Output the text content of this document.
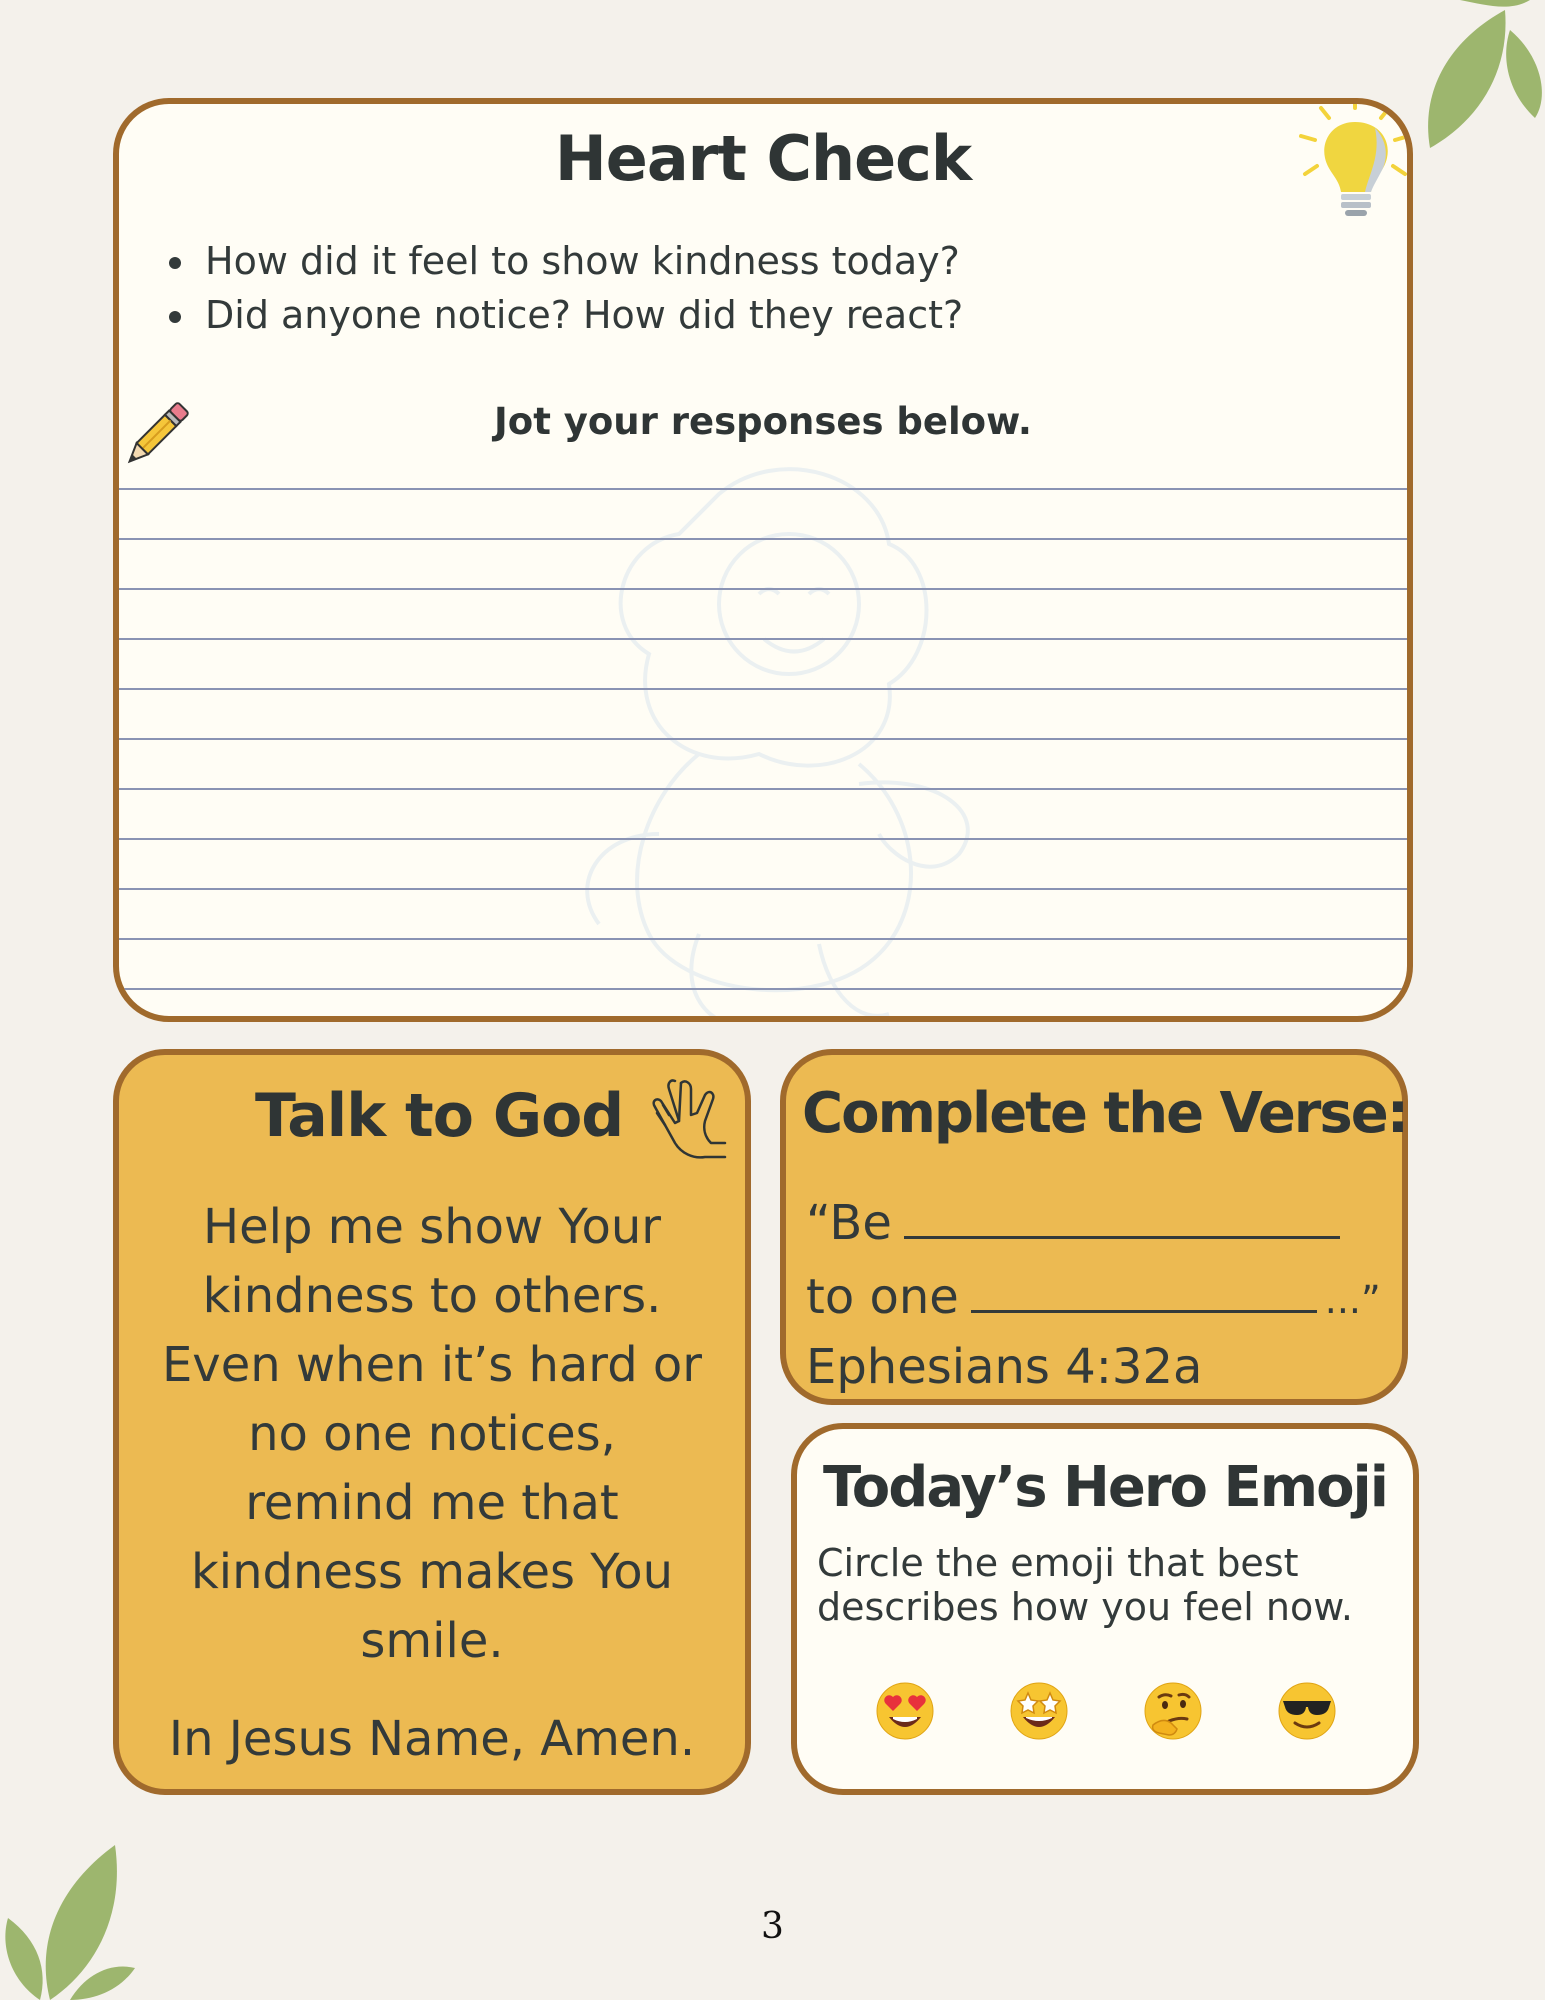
Heart Check
• How did it feel to show kindness today?
• Did anyone notice? How did they react?
Jot your responses below.
Talk to God
Help me show Your
kindness to others.
Even when it’s hard or
no one notices,
remind me that
kindness makes You
smile.
In Jesus Name, Amen.
Complete the Verse:
“Be
to one	...”
Ephesians 4:32a
Today’s Hero Emoji
Circle the emoji that best describes how you feel now.
3
